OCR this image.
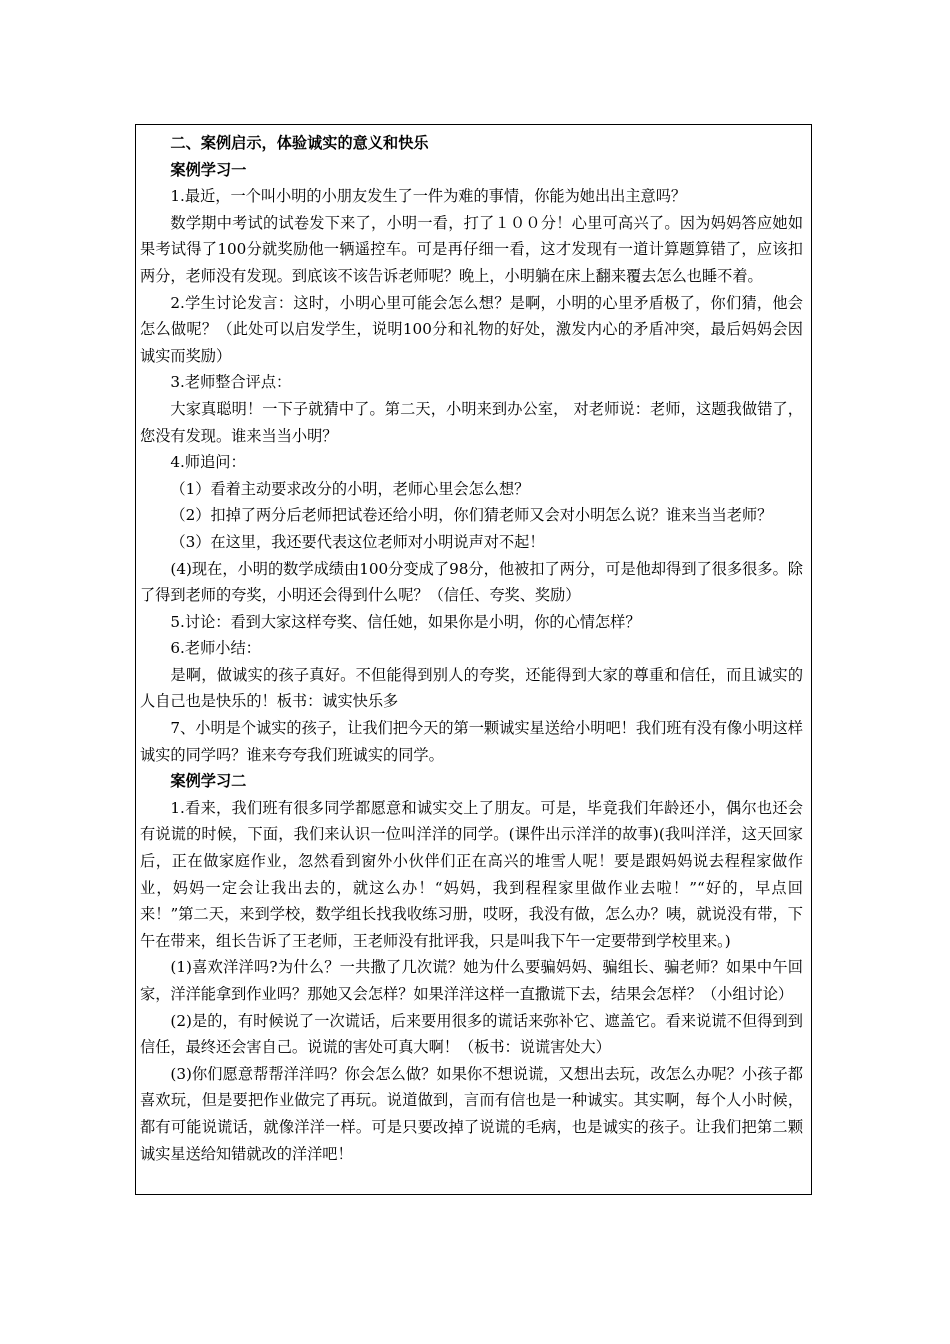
二、案例启示，体验诚实的意义和快乐

案例学习一

1.最近，一个叫小明的小朋友发生了一件为难的事情，你能为她出出主意吗？

数学期中考试的试卷发下来了，小明一看，打了１００分！心里可高兴了。因为妈妈答应她如果考试得了100分就奖励他一辆遥控车。可是再仔细一看，这才发现有一道计算题算错了，应该扣两分，老师没有发现。到底该不该告诉老师呢？晚上，小明躺在床上翻来覆去怎么也睡不着。

2.学生讨论发言：这时，小明心里可能会怎么想？是啊，小明的心里矛盾极了，你们猜，他会怎么做呢？（此处可以启发学生，说明100分和礼物的好处，激发内心的矛盾冲突，最后妈妈会因诚实而奖励）

3.老师整合评点：

大家真聪明！一下子就猜中了。第二天，小明来到办公室， 对老师说：老师，这题我做错了，您没有发现。谁来当当小明？

4.师追问：

（1）看着主动要求改分的小明，老师心里会怎么想？

（2）扣掉了两分后老师把试卷还给小明，你们猜老师又会对小明怎么说？谁来当当老师？

（3）在这里，我还要代表这位老师对小明说声对不起！

(4)现在，小明的数学成绩由100分变成了98分，他被扣了两分，可是他却得到了很多很多。除了得到老师的夸奖，小明还会得到什么呢？（信任、夸奖、奖励）

5.讨论：看到大家这样夸奖、信任她，如果你是小明，你的心情怎样？

6.老师小结：

是啊，做诚实的孩子真好。不但能得到别人的夸奖，还能得到大家的尊重和信任，而且诚实的人自己也是快乐的！板书：诚实快乐多

7、小明是个诚实的孩子，让我们把今天的第一颗诚实星送给小明吧！我们班有没有像小明这样诚实的同学吗？谁来夸夸我们班诚实的同学。

案例学习二

1.看来，我们班有很多同学都愿意和诚实交上了朋友。可是，毕竟我们年龄还小，偶尔也还会有说谎的时候，下面，我们来认识一位叫洋洋的同学。(课件出示洋洋的故事)(我叫洋洋，这天回家后，正在做家庭作业，忽然看到窗外小伙伴们正在高兴的堆雪人呢！要是跟妈妈说去程程家做作业，妈妈一定会让我出去的，就这么办！“妈妈，我到程程家里做作业去啦！”“好的，早点回来！”第二天，来到学校，数学组长找我收练习册，哎呀，我没有做，怎么办？咦，就说没有带，下午在带来，组长告诉了王老师，王老师没有批评我，只是叫我下午一定要带到学校里来。)

(1)喜欢洋洋吗?为什么？一共撒了几次谎？她为什么要骗妈妈、骗组长、骗老师？如果中午回家，洋洋能拿到作业吗？那她又会怎样？如果洋洋这样一直撒谎下去，结果会怎样？（小组讨论）

(2)是的，有时候说了一次谎话，后来要用很多的谎话来弥补它、遮盖它。看来说谎不但得到到信任，最终还会害自己。说谎的害处可真大啊！（板书：说谎害处大）

(3)你们愿意帮帮洋洋吗？你会怎么做？如果你不想说谎，又想出去玩，改怎么办呢？小孩子都喜欢玩，但是要把作业做完了再玩。说道做到，言而有信也是一种诚实。其实啊，每个人小时候，都有可能说谎话，就像洋洋一样。可是只要改掉了说谎的毛病，也是诚实的孩子。让我们把第二颗诚实星送给知错就改的洋洋吧！
